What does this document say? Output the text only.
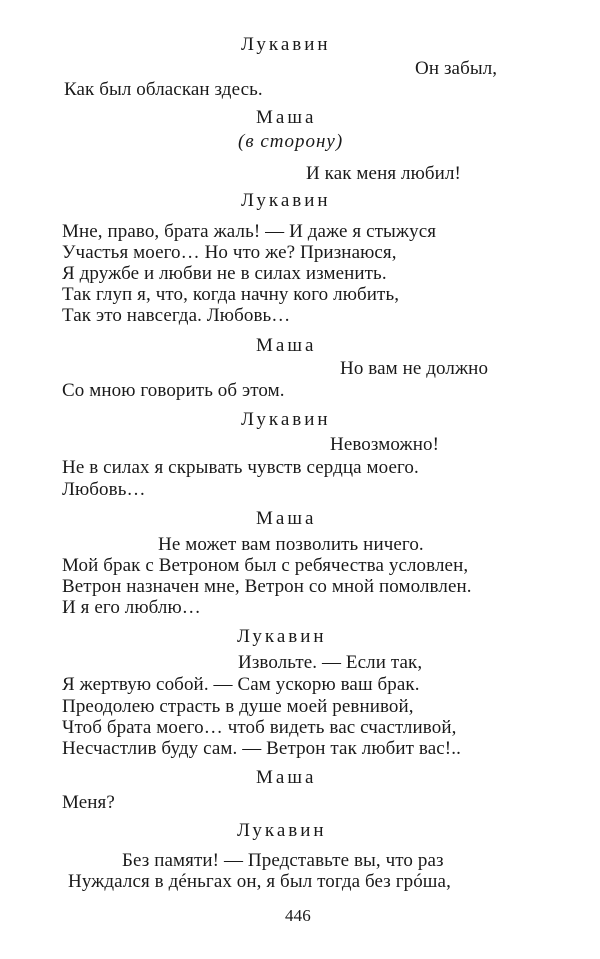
Лукавин
Он забыл,
Как был обласкан здесь.
Маша
(в сторону)
И как меня любил!
Лукавин
Мне, право, брата жаль! — И даже я стыжуся
Участья моего… Но что же? Признаюся,
Я дружбе и любви не в силах изменить.
Так глуп я, что, когда начну кого любить,
Так это навсегда. Любовь…
Маша
Но вам не должно
Со мною говорить об этом.
Лукавин
Невозможно!
Не в силах я скрывать чувств сердца моего.
Любовь…
Маша
Не может вам позволить ничего.
Мой брак с Ветроном был с ребячества условлен,
Ветрон назначен мне, Ветрон со мной помолвлен.
И я его люблю…
Лукавин
Извольте. — Если так,
Я жертвую собой. — Сам ускорю ваш брак.
Преодолею страсть в душе моей ревнивой,
Чтоб брата моего… чтоб видеть вас счастливой,
Несчастлив буду сам. — Ветрон так любит вас!..
Маша
Меня?
Лукавин
Без памяти! — Представьте вы, что раз
Нуждался в дéньгах он, я был тогда без грóша,
446
